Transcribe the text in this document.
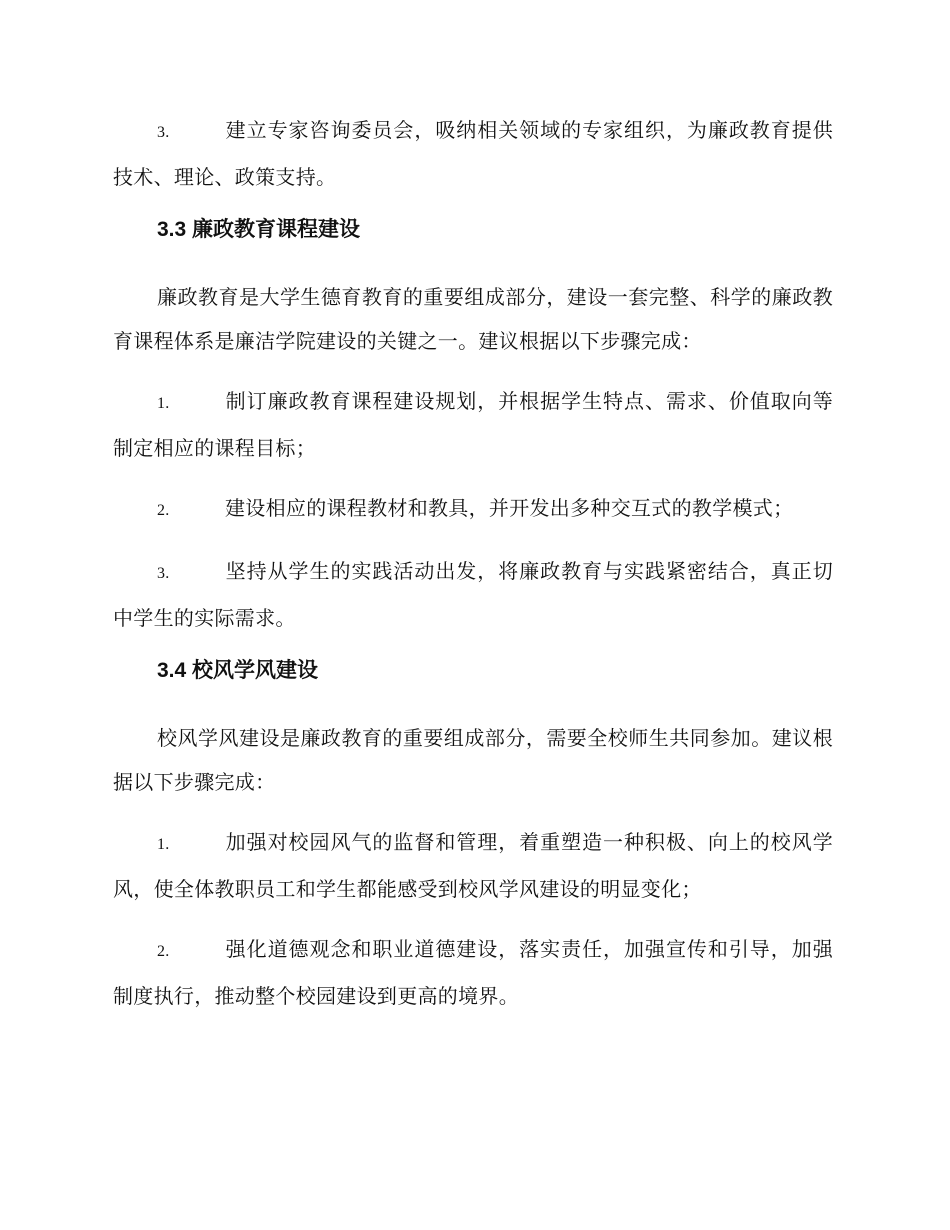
3.	建立专家咨询委员会，吸纳相关领域的专家组织，为廉政教育提供技术、理论、政策支持。

3.3 廉政教育课程建设

廉政教育是大学生德育教育的重要组成部分，建设一套完整、科学的廉政教育课程体系是廉洁学院建设的关键之一。建议根据以下步骤完成：

1.	制订廉政教育课程建设规划，并根据学生特点、需求、价值取向等制定相应的课程目标；

2.	建设相应的课程教材和教具，并开发出多种交互式的教学模式；

3.	坚持从学生的实践活动出发，将廉政教育与实践紧密结合，真正切中学生的实际需求。

3.4 校风学风建设

校风学风建设是廉政教育的重要组成部分，需要全校师生共同参加。建议根据以下步骤完成：

1.	加强对校园风气的监督和管理，着重塑造一种积极、向上的校风学风，使全体教职员工和学生都能感受到校风学风建设的明显变化；

2.	强化道德观念和职业道德建设，落实责任，加强宣传和引导，加强制度执行，推动整个校园建设到更高的境界。
